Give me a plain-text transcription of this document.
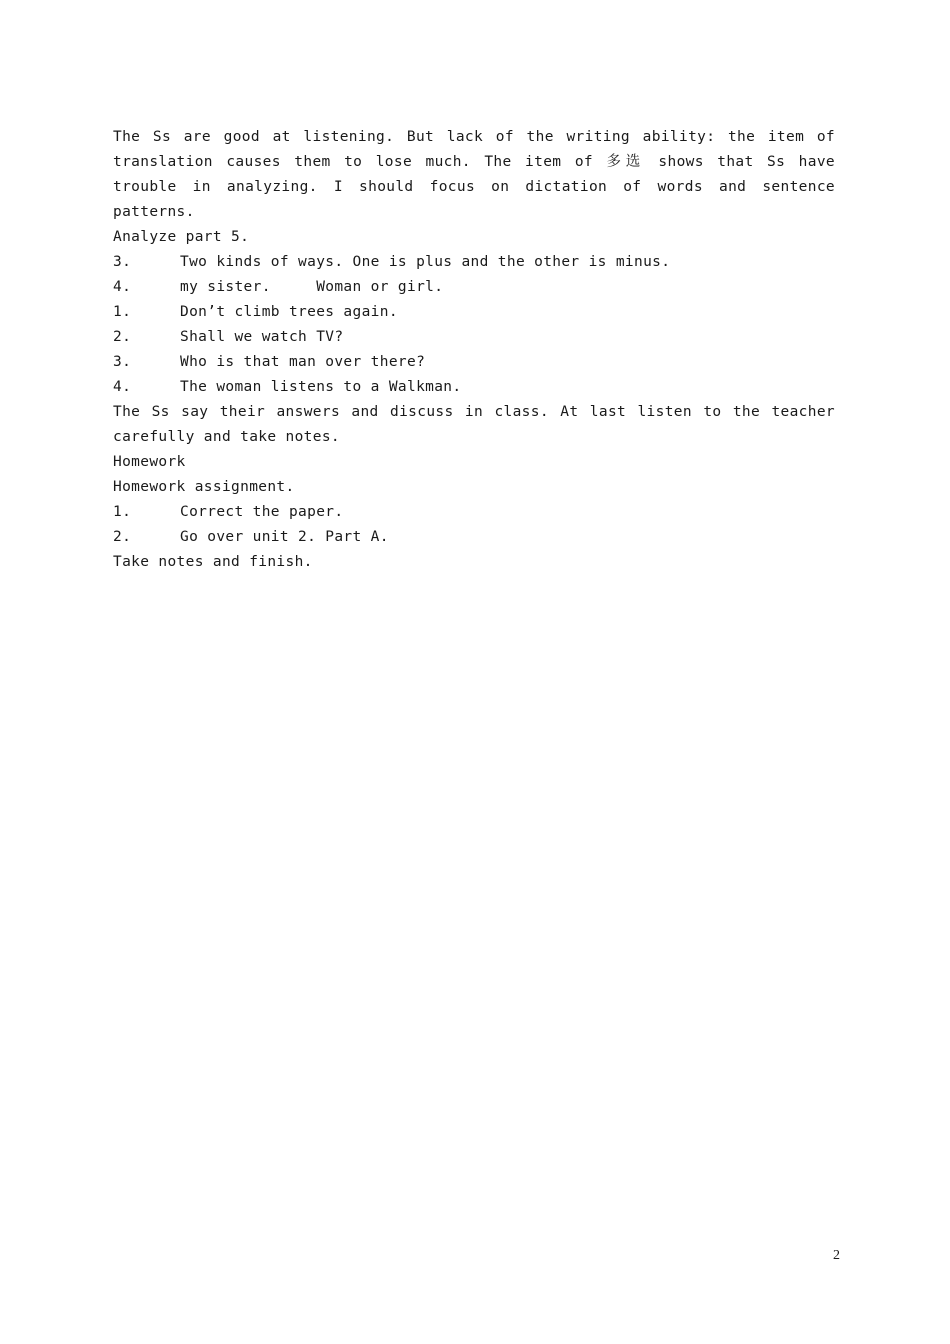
The Ss are good at listening. But lack of the writing ability: the item of translation causes them to lose much. The item of 多选 shows that Ss have trouble in analyzing. I should focus on dictation of words and sentence patterns.

Analyze part 5.

3.	Two kinds of ways. One is plus and the other is minus.
4.	my sister.     Woman or girl.
1.	Don’t climb trees again.
2.	Shall we watch TV?
3.	Who is that man over there?
4.	The woman listens to a Walkman.

The Ss say their answers and discuss in class. At last listen to the teacher carefully and take notes.

Homework

Homework assignment.

1.	Correct the paper.
2.	Go over unit 2. Part A.

Take notes and finish.

2
